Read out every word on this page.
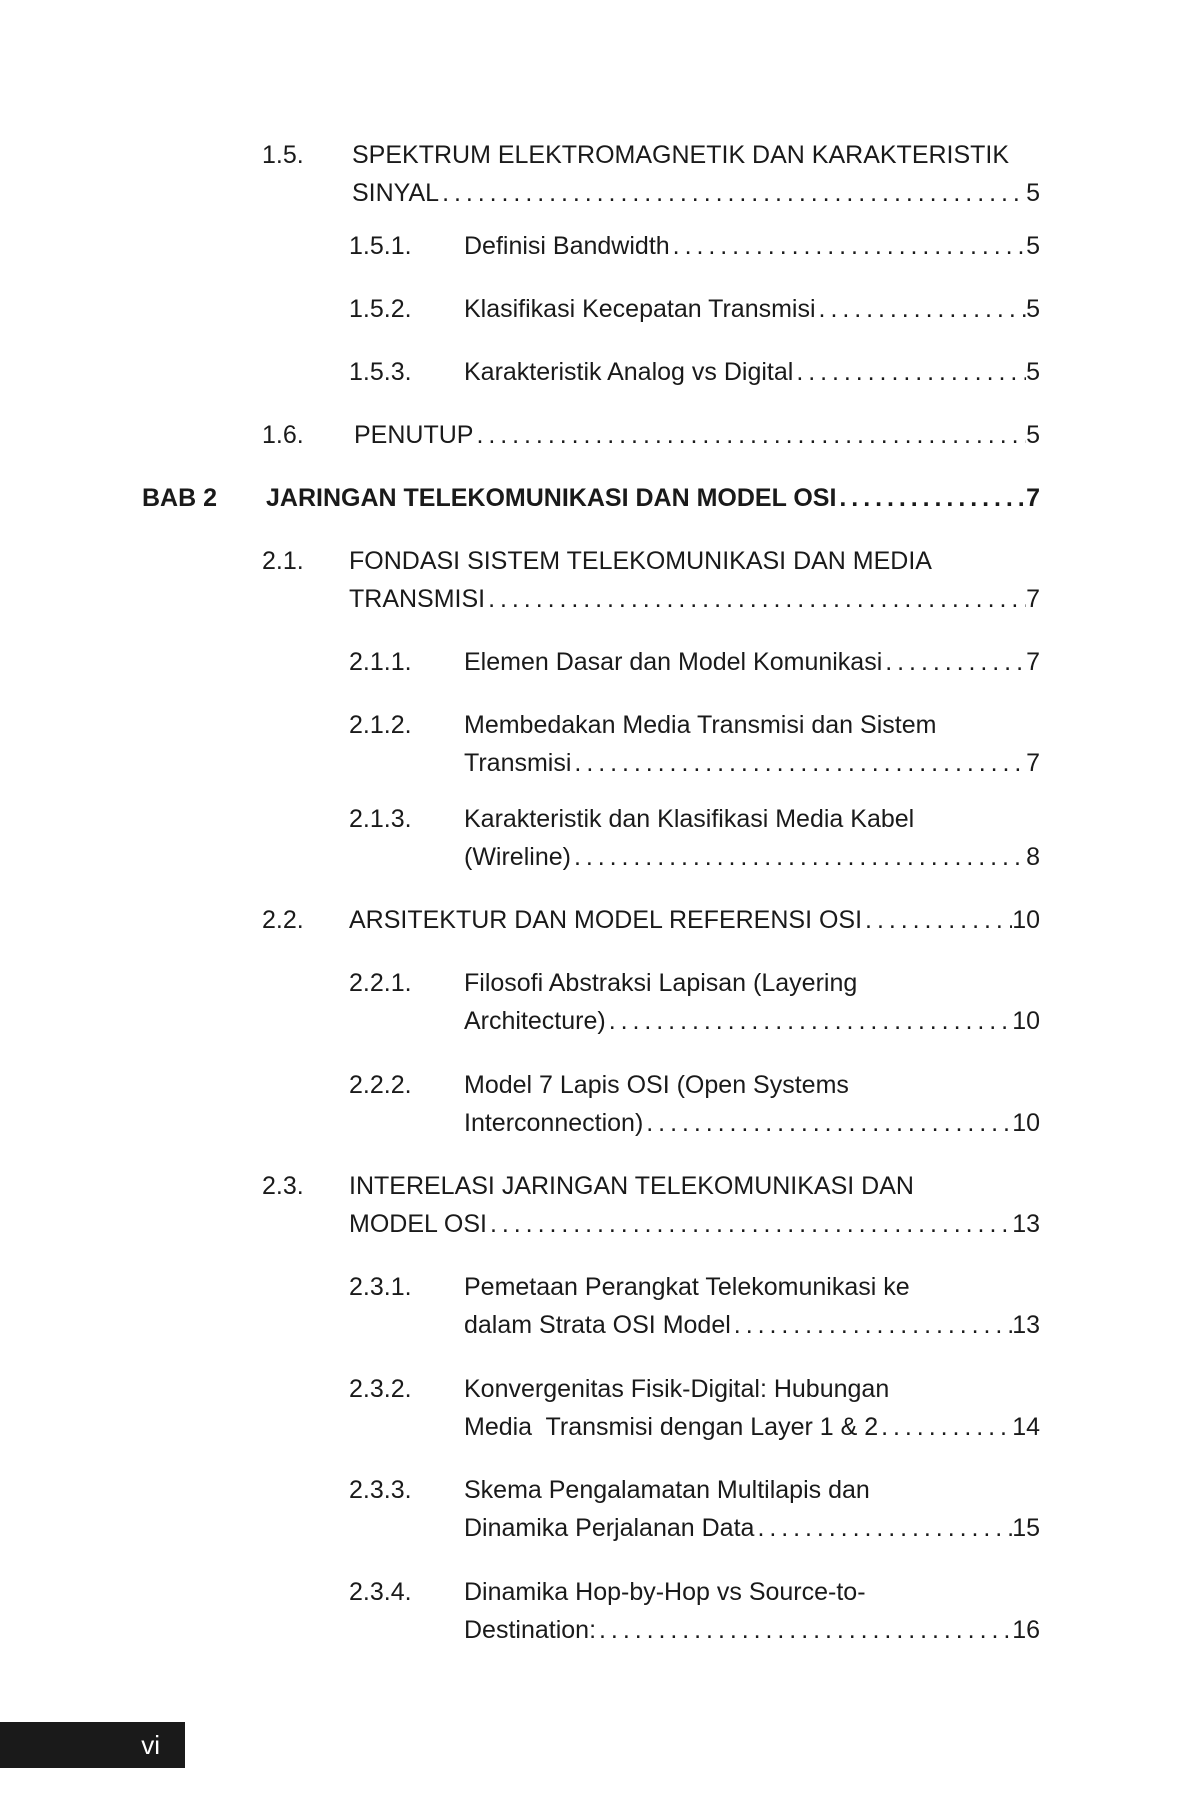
1.5. SPEKTRUM ELEKTROMAGNETIK DAN KARAKTERISTIK
SINYAL . . .	5
1.5.1. Definisi Bandwidth . . .	5
1.5.2. Klasifikasi Kecepatan Transmisi . . .	5
1.5.3. Karakteristik Analog vs Digital . . .	5
1.6. PENUTUP . . .	5
BAB 2 JARINGAN TELEKOMUNIKASI DAN MODEL OSI . . .	7
2.1. FONDASI SISTEM TELEKOMUNIKASI DAN MEDIA
TRANSMISI . . .	7
2.1.1. Elemen Dasar dan Model Komunikasi . . .	7
2.1.2. Membedakan Media Transmisi dan Sistem
Transmisi . . .	7
2.1.3. Karakteristik dan Klasifikasi Media Kabel
(Wireline) . . .	8
2.2. ARSITEKTUR DAN MODEL REFERENSI OSI . . .	10
2.2.1. Filosofi Abstraksi Lapisan (Layering
Architecture) . . .	10
2.2.2. Model 7 Lapis OSI (Open Systems
Interconnection) . . .	10
2.3. INTERELASI JARINGAN TELEKOMUNIKASI DAN
MODEL OSI . . .	13
2.3.1. Pemetaan Perangkat Telekomunikasi ke
dalam Strata OSI Model . . .	13
2.3.2. Konvergenitas Fisik-Digital: Hubungan
Media  Transmisi dengan Layer 1 & 2 . . .	14
2.3.3. Skema Pengalamatan Multilapis dan
Dinamika Perjalanan Data . . .	15
2.3.4. Dinamika Hop-by-Hop vs Source-to-
Destination: . . .	16
vi
